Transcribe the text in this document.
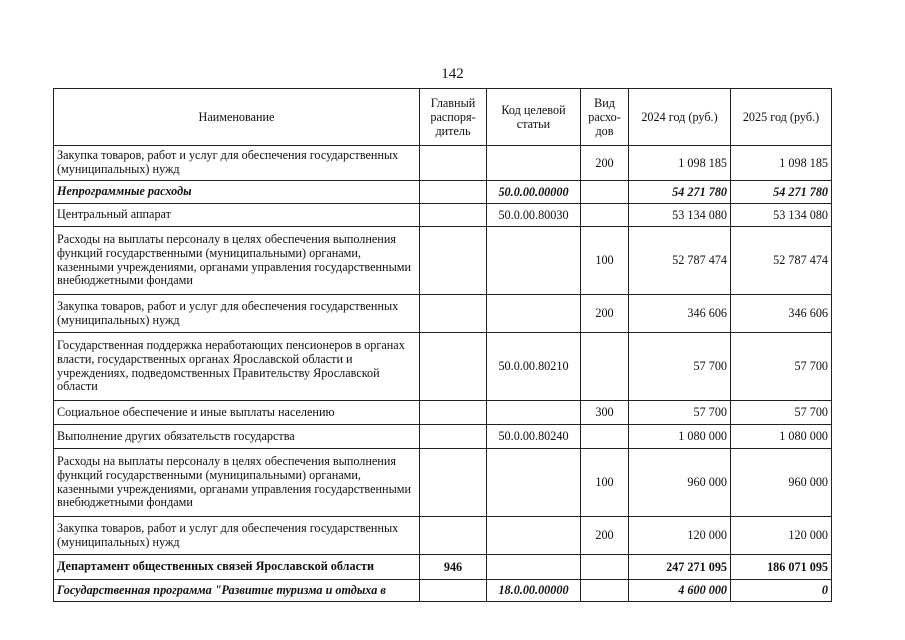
142
Наименование	Главный распоря-дитель	Код целевой статьи	Вид расхо-дов	2024 год (руб.)	2025 год (руб.)
Закупка товаров, работ и услуг для обеспечения государственных (муниципальных) нужд			200	1 098 185	1 098 185
Непрограммные расходы		50.0.00.00000		54 271 780	54 271 780
Центральный аппарат		50.0.00.80030		53 134 080	53 134 080
Расходы на выплаты персоналу в целях обеспечения выполнения функций государственными (муниципальными) органами, казенными учреждениями, органами управления государственными внебюджетными фондами			100	52 787 474	52 787 474
Закупка товаров, работ и услуг для обеспечения государственных (муниципальных) нужд			200	346 606	346 606
Государственная поддержка неработающих пенсионеров в органах власти, государственных органах Ярославской области и учреждениях, подведомственных Правительству Ярославской области		50.0.00.80210		57 700	57 700
Социальное обеспечение и иные выплаты населению			300	57 700	57 700
Выполнение других обязательств государства		50.0.00.80240		1 080 000	1 080 000
Расходы на выплаты персоналу в целях обеспечения выполнения функций государственными (муниципальными) органами, казенными учреждениями, органами управления государственными внебюджетными фондами			100	960 000	960 000
Закупка товаров, работ и услуг для обеспечения государственных (муниципальных) нужд			200	120 000	120 000
Департамент общественных связей Ярославской области	946			247 271 095	186 071 095
Государственная программа "Развитие туризма и отдыха в		18.0.00.00000		4 600 000	0
